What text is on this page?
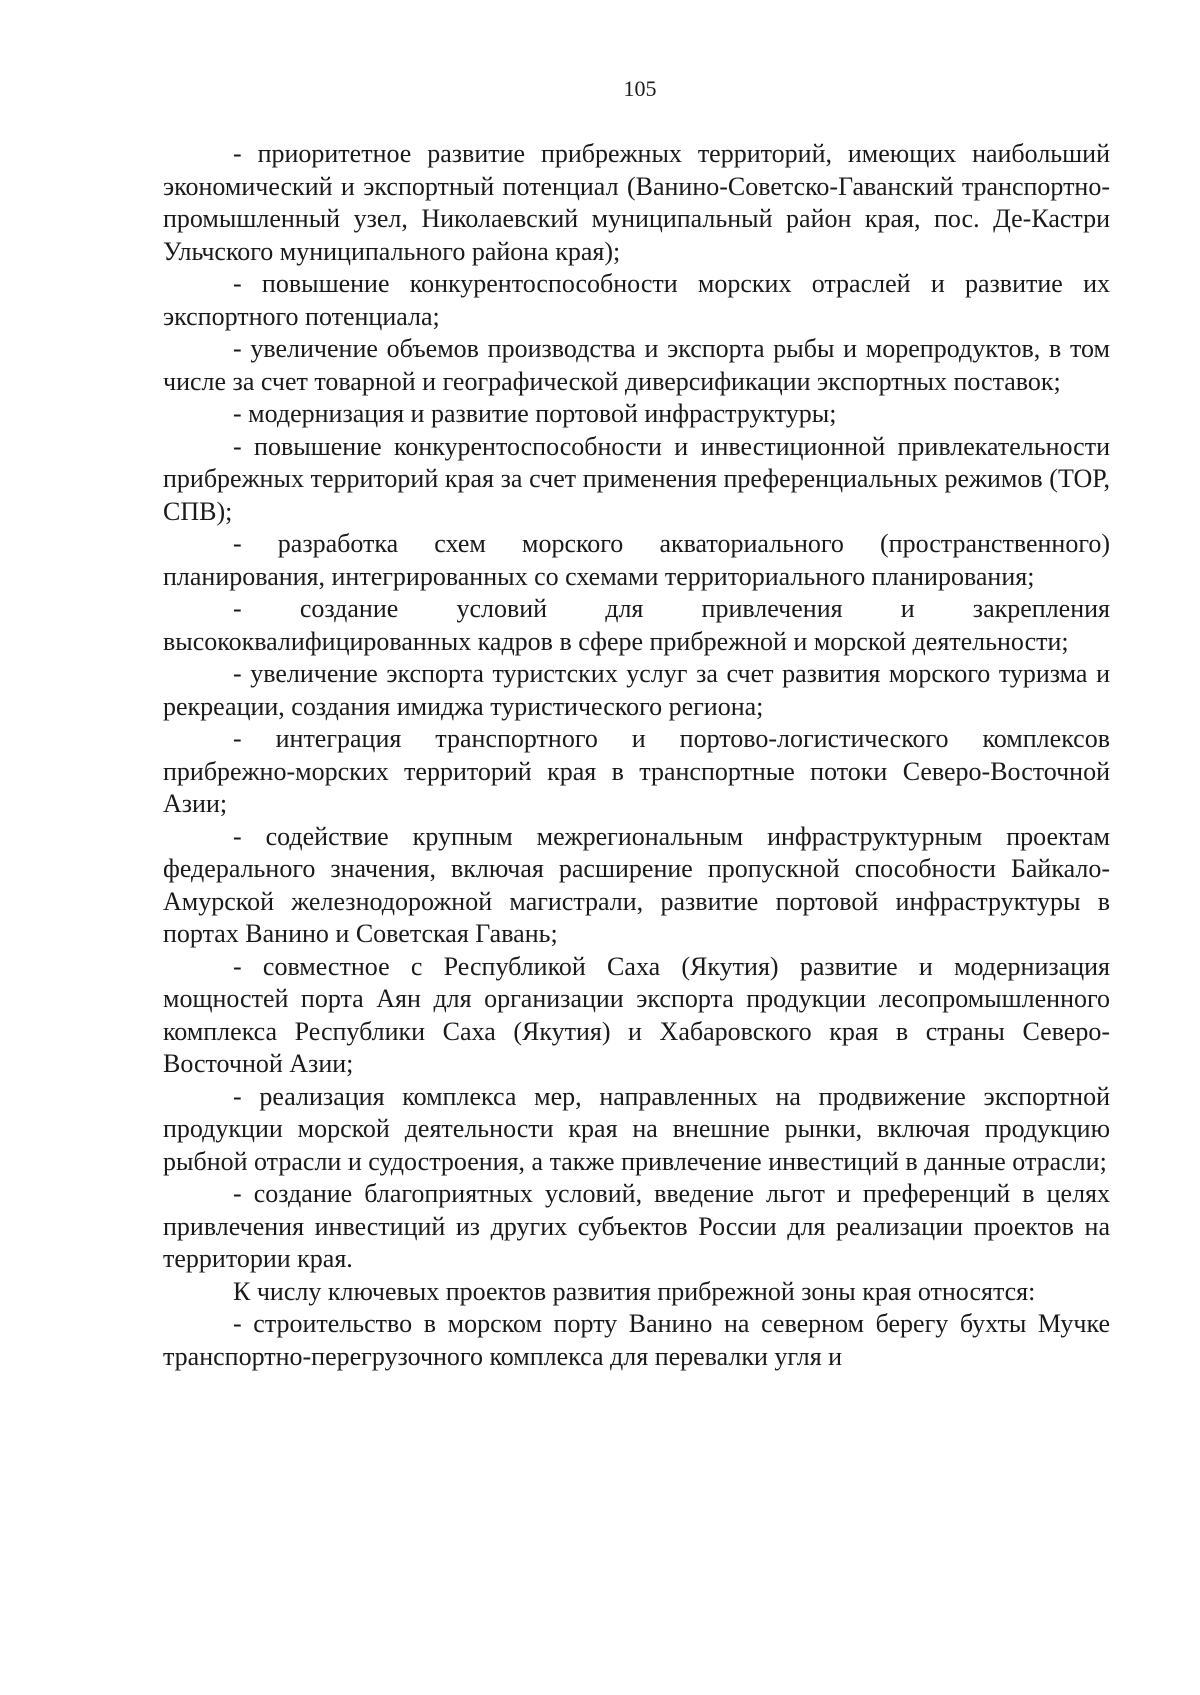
105

- приоритетное развитие прибрежных территорий, имеющих наибольший экономический и экспортный потенциал (Ванино-Советско-Гаванский транспортно-промышленный узел, Николаевский муниципальный район края, пос. Де-Кастри Ульчского муниципального района края);

- повышение конкурентоспособности морских отраслей и развитие их экспортного потенциала;

- увеличение объемов производства и экспорта рыбы и морепродуктов, в том числе за счет товарной и географической диверсификации экспортных поставок;

- модернизация и развитие портовой инфраструктуры;

- повышение конкурентоспособности и инвестиционной привлекательности прибрежных территорий края за счет применения преференциальных режимов (ТОР, СПВ);

- разработка схем морского акваториального (пространственного) планирования, интегрированных со схемами территориального планирования;

- создание условий для привлечения и закрепления высококвалифицированных кадров в сфере прибрежной и морской деятельности;

- увеличение экспорта туристских услуг за счет развития морского туризма и рекреации, создания имиджа туристического региона;

- интеграция транспортного и портово-логистического комплексов прибрежно-морских территорий края в транспортные потоки Северо-Восточной Азии;

- содействие крупным межрегиональным инфраструктурным проектам федерального значения, включая расширение пропускной способности Байкало-Амурской железнодорожной магистрали, развитие портовой инфраструктуры в портах Ванино и Советская Гавань;

- совместное с Республикой Саха (Якутия) развитие и модернизация мощностей порта Аян для организации экспорта продукции лесопромышленного комплекса Республики Саха (Якутия) и Хабаровского края в страны Северо-Восточной Азии;

- реализация комплекса мер, направленных на продвижение экспортной продукции морской деятельности края на внешние рынки, включая продукцию рыбной отрасли и судостроения, а также привлечение инвестиций в данные отрасли;

- создание благоприятных условий, введение льгот и преференций в целях привлечения инвестиций из других субъектов России для реализации проектов на территории края.

К числу ключевых проектов развития прибрежной зоны края относятся:

- строительство в морском порту Ванино на северном берегу бухты Мучке транспортно-перегрузочного комплекса для перевалки угля и
